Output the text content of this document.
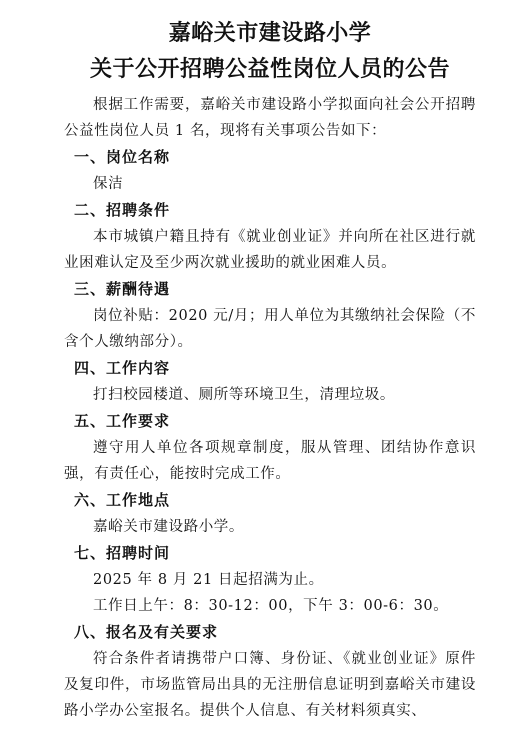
嘉峪关市建设路小学
关于公开招聘公益性岗位人员的公告

根据工作需要，嘉峪关市建设路小学拟面向社会公开招聘公益性岗位人员 1 名，现将有关事项公告如下：

一、岗位名称

保洁

二、招聘条件

本市城镇户籍且持有《就业创业证》并向所在社区进行就业困难认定及至少两次就业援助的就业困难人员。

三、薪酬待遇

岗位补贴：2020 元/月；用人单位为其缴纳社会保险（不含个人缴纳部分）。

四、工作内容

打扫校园楼道、厕所等环境卫生，清理垃圾。

五、工作要求

遵守用人单位各项规章制度，服从管理、团结协作意识强，有责任心，能按时完成工作。

六、工作地点

嘉峪关市建设路小学。

七、招聘时间

2025 年 8 月 21 日起招满为止。

工作日上午：8：30-12：00，下午 3：00-6：30。

八、报名及有关要求

符合条件者请携带户口簿、身份证、《就业创业证》原件及复印件，市场监管局出具的无注册信息证明到嘉峪关市建设路小学办公室报名。提供个人信息、有关材料须真实、
